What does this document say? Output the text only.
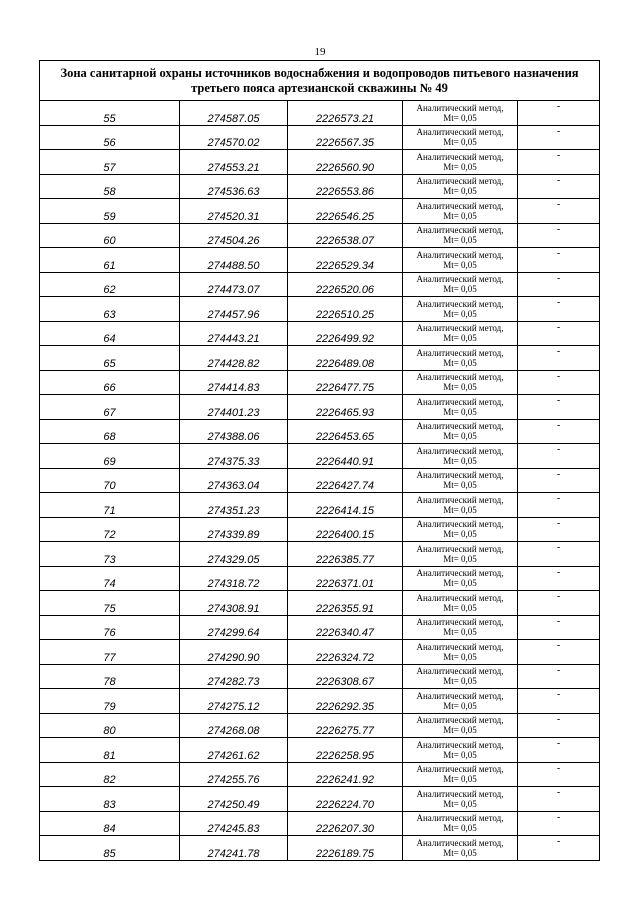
19
Зона санитарной охраны источников водоснабжения и водопроводов питьевого назначения
третьего пояса артезианской скважины № 49				

55	274587.05	2226573.21	Аналитический метод,
Mt= 0,05	-
56	274570.02	2226567.35	Аналитический метод,
Mt= 0,05	-
57	274553.21	2226560.90	Аналитический метод,
Mt= 0,05	-
58	274536.63	2226553.86	Аналитический метод,
Mt= 0,05	-
59	274520.31	2226546.25	Аналитический метод,
Mt= 0,05	-
60	274504.26	2226538.07	Аналитический метод,
Mt= 0,05	-
61	274488.50	2226529.34	Аналитический метод,
Mt= 0,05	-
62	274473.07	2226520.06	Аналитический метод,
Mt= 0,05	-
63	274457.96	2226510.25	Аналитический метод,
Mt= 0,05	-
64	274443.21	2226499.92	Аналитический метод,
Mt= 0,05	-
65	274428.82	2226489.08	Аналитический метод,
Mt= 0,05	-
66	274414.83	2226477.75	Аналитический метод,
Mt= 0,05	-
67	274401.23	2226465.93	Аналитический метод,
Mt= 0,05	-
68	274388.06	2226453.65	Аналитический метод,
Mt= 0,05	-
69	274375.33	2226440.91	Аналитический метод,
Mt= 0,05	-
70	274363.04	2226427.74	Аналитический метод,
Mt= 0,05	-
71	274351.23	2226414.15	Аналитический метод,
Mt= 0,05	-
72	274339.89	2226400.15	Аналитический метод,
Mt= 0,05	-
73	274329.05	2226385.77	Аналитический метод,
Mt= 0,05	-
74	274318.72	2226371.01	Аналитический метод,
Mt= 0,05	-
75	274308.91	2226355.91	Аналитический метод,
Mt= 0,05	-
76	274299.64	2226340.47	Аналитический метод,
Mt= 0,05	-
77	274290.90	2226324.72	Аналитический метод,
Mt= 0,05	-
78	274282.73	2226308.67	Аналитический метод,
Mt= 0,05	-
79	274275.12	2226292.35	Аналитический метод,
Mt= 0,05	-
80	274268.08	2226275.77	Аналитический метод,
Mt= 0,05	-
81	274261.62	2226258.95	Аналитический метод,
Mt= 0,05	-
82	274255.76	2226241.92	Аналитический метод,
Mt= 0,05	-
83	274250.49	2226224.70	Аналитический метод,
Mt= 0,05	-
84	274245.83	2226207.30	Аналитический метод,
Mt= 0,05	-
85	274241.78	2226189.75	Аналитический метод,
Mt= 0,05	-
